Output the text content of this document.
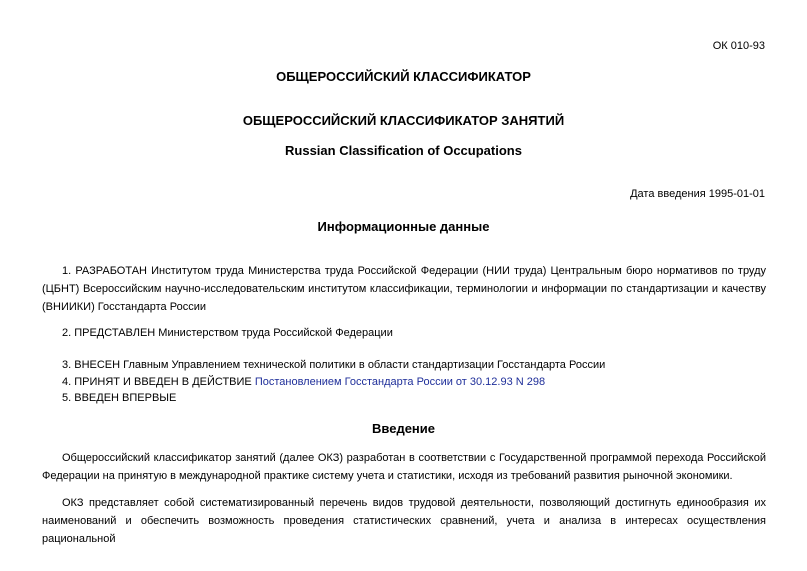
ОК 010-93
ОБЩЕРОССИЙСКИЙ КЛАССИФИКАТОР
ОБЩЕРОССИЙСКИЙ КЛАССИФИКАТОР ЗАНЯТИЙ
Russian Classification of Occupations
Дата введения 1995-01-01
Информационные данные
1. РАЗРАБОТАН Институтом труда Министерства труда Российской Федерации (НИИ труда) Центральным бюро нормативов по труду (ЦБНТ) Всероссийским научно-исследовательским институтом классификации, терминологии и информации по стандартизации и качеству (ВНИИКИ) Госстандарта России
2. ПРЕДСТАВЛЕН Министерством труда Российской Федерации
3. ВНЕСЕН Главным Управлением технической политики в области стандартизации Госстандарта России
4. ПРИНЯТ И ВВЕДЕН В ДЕЙСТВИЕ Постановлением Госстандарта России от 30.12.93 N 298
5. ВВЕДЕН ВПЕРВЫЕ
Введение
Общероссийский классификатор занятий (далее ОКЗ) разработан в соответствии с Государственной программой перехода Российской Федерации на принятую в международной практике систему учета и статистики, исходя из требований развития рыночной экономики.
ОКЗ представляет собой систематизированный перечень видов трудовой деятельности, позволяющий достигнуть единообразия их наименований и обеспечить возможность проведения статистических сравнений, учета и анализа в интересах осуществления рациональной
